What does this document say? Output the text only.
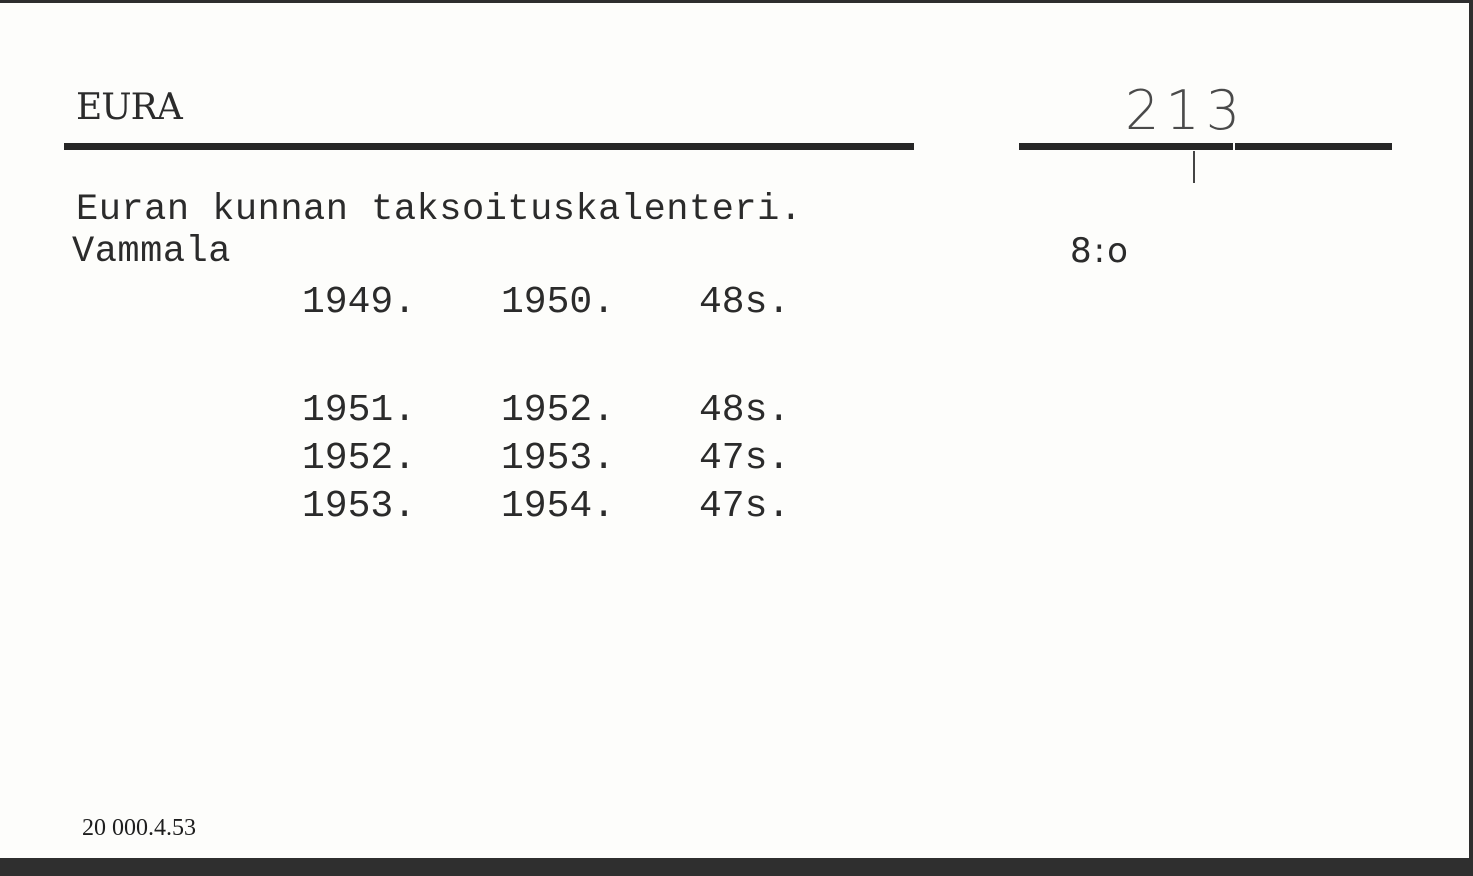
EURA	213
Euran kunnan taksoituskalenteri.
Vammala	8:o
1949. 1950. 48s.
1951. 1952. 48s.
1952. 1953. 47s.
1953. 1954. 47s.
20 000.4.53
